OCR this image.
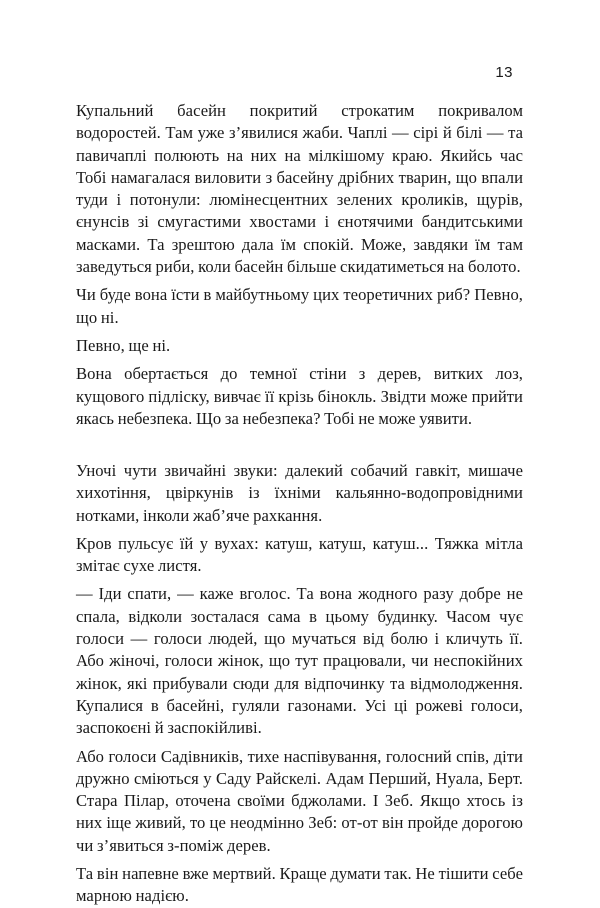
13

Купальний басейн покритий строкатим покривалом водоростей. Там уже з’явилися жаби. Чаплі — сірі й білі — та павичаплі полюють на них на мілкішому краю. Якийсь час Тобі намагалася виловити з басейну дрібних тварин, що впали туди і потонули: люмінесцентних зелених кроликів, щурів, єнунсів зі смугастими хвостами і єнотячими бандитськими масками. Та зрештою дала їм спокій. Може, завдяки їм там заведуться риби, коли басейн більше скидатиметься на болото.

Чи буде вона їсти в майбутньому цих теоретичних риб? Певно, що ні.

Певно, ще ні.

Вона обертається до темної стіни з дерев, витких лоз, кущового підліску, вивчає її крізь бінокль. Звідти може прийти якась небезпека. Що за небезпека? Тобі не може уявити.

Уночі чути звичайні звуки: далекий собачий гавкіт, мишаче хихотіння, цвіркунів із їхніми кальянно-водопровідними нотками, інколи жаб’яче рахкання.

Кров пульсує їй у вухах: катуш, катуш, катуш... Тяжка мітла змітає сухе листя.

— Іди спати, — каже вголос. Та вона жодного разу добре не спала, відколи зосталася сама в цьому будинку. Часом чує голоси — голоси людей, що мучаться від болю і кличуть її. Або жіночі, голоси жінок, що тут працювали, чи неспокійних жінок, які прибували сюди для відпочинку та відмолодження. Купалися в басейні, гуляли газонами. Усі ці рожеві голоси, заспокоєні й заспокійливі.

Або голоси Садівників, тихе наспівування, голосний спів, діти дружно сміються у Саду Райскелі. Адам Перший, Нуала, Берт. Стара Пілар, оточена своїми бджолами. І Зеб. Якщо хтось із них іще живий, то це неодмінно Зеб: от-от він пройде дорогою чи з’явиться з-поміж дерев.

Та він напевне вже мертвий. Краще думати так. Не тішити себе марною надією.
